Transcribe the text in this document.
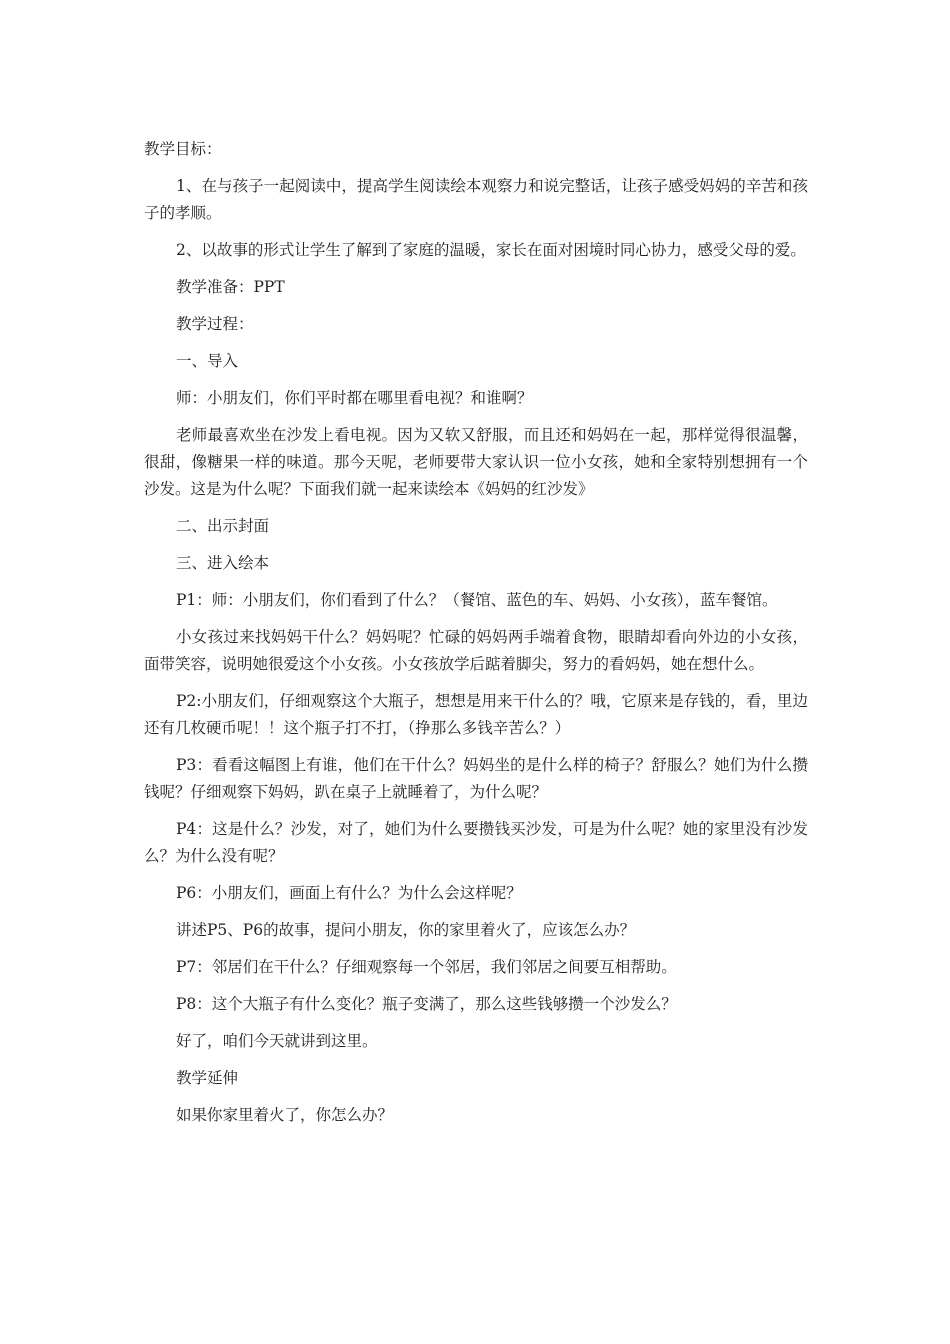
教学目标：

1、在与孩子一起阅读中，提高学生阅读绘本观察力和说完整话，让孩子感受妈妈的辛苦和孩子的孝顺。

2、以故事的形式让学生了解到了家庭的温暖，家长在面对困境时同心协力，感受父母的爱。

教学准备：PPT

教学过程：

一、导入

师：小朋友们，你们平时都在哪里看电视？和谁啊？

老师最喜欢坐在沙发上看电视。因为又软又舒服，而且还和妈妈在一起，那样觉得很温馨，很甜，像糖果一样的味道。那今天呢，老师要带大家认识一位小女孩，她和全家特别想拥有一个沙发。这是为什么呢？下面我们就一起来读绘本《妈妈的红沙发》

二、出示封面

三、进入绘本

P1：师：小朋友们，你们看到了什么？（餐馆、蓝色的车、妈妈、小女孩），蓝车餐馆。

小女孩过来找妈妈干什么？妈妈呢？忙碌的妈妈两手端着食物，眼睛却看向外边的小女孩，面带笑容，说明她很爱这个小女孩。小女孩放学后踮着脚尖，努力的看妈妈，她在想什么。

P2:小朋友们，仔细观察这个大瓶子，想想是用来干什么的？哦，它原来是存钱的，看，里边还有几枚硬币呢！！这个瓶子打不打，（挣那么多钱辛苦么？）

P3：看看这幅图上有谁，他们在干什么？妈妈坐的是什么样的椅子？舒服么？她们为什么攒钱呢？仔细观察下妈妈，趴在桌子上就睡着了，为什么呢？

P4：这是什么？沙发，对了，她们为什么要攒钱买沙发，可是为什么呢？她的家里没有沙发么？为什么没有呢？

P6：小朋友们，画面上有什么？为什么会这样呢？

讲述P5、P6的故事，提问小朋友，你的家里着火了，应该怎么办？

P7：邻居们在干什么？仔细观察每一个邻居，我们邻居之间要互相帮助。

P8：这个大瓶子有什么变化？瓶子变满了，那么这些钱够攒一个沙发么？

好了，咱们今天就讲到这里。

教学延伸

如果你家里着火了，你怎么办？
